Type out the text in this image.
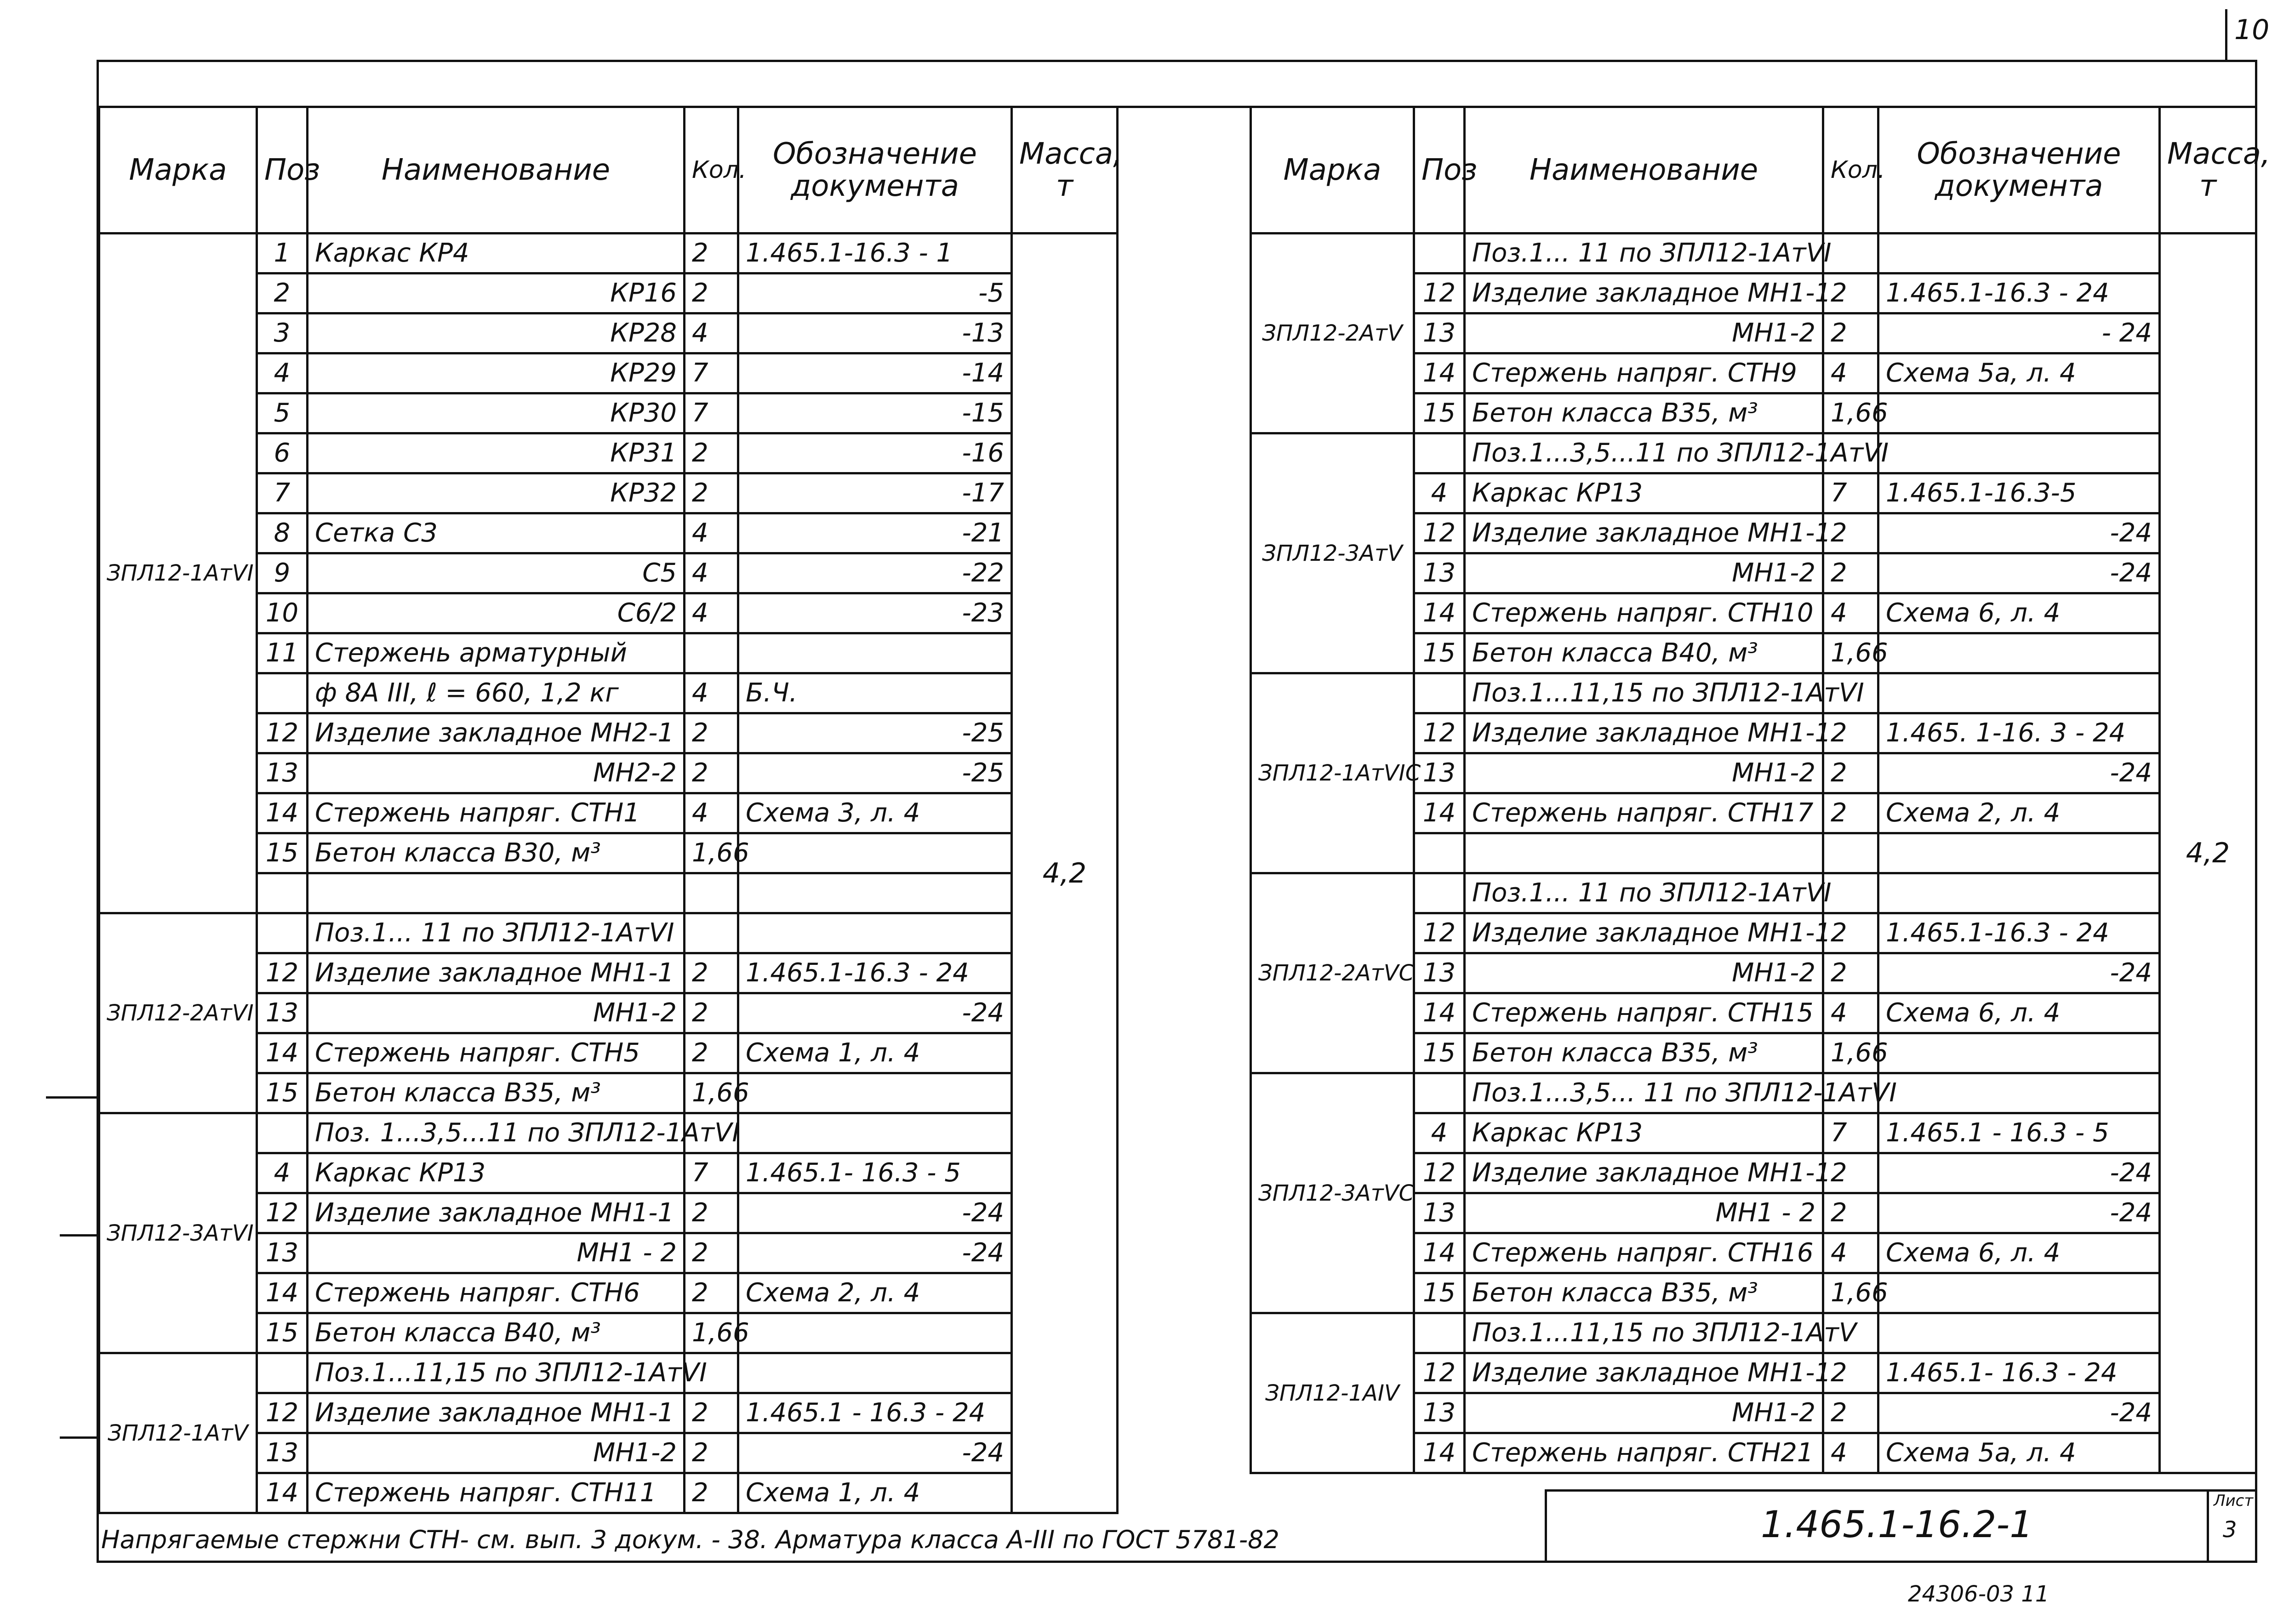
10
Марка	Поз	Наименование	Кол.	Обозначение документа	Масса, т
ЗПЛ12-1АтVI	1	Каркас КР4	2	1.465.1-16.3 - 1	4,2
	2	КР16	2	-5	
	3	КР28	4	-13	
	4	КР29	7	-14	
	5	КР30	7	-15	
	6	КР31	2	-16	
	7	КР32	2	-17	
	8	Сетка С3	4	-21	
	9	С5	4	-22	
	10	С6/2	4	-23	
	11	Стержень арматурный			
		ф 8А III, ℓ = 660, 1,2 кг	4	Б.Ч.	
	12	Изделие закладное МН2-1	2	-25	
	13	МН2-2	2	-25	
	14	Стержень напряг. СТН1	4	Схема 3, л. 4	
	15	Бетон класса В30, м³	1,66		

ЗПЛ12-2АтVI		Поз.1... 11 по ЗПЛ12-1АтVI			
	12	Изделие закладное МН1-1	2	1.465.1-16.3 - 24	
	13	МН1-2	2	-24	
	14	Стержень напряг. СТН5	2	Схема 1, л. 4	
	15	Бетон класса В35, м³	1,66		
ЗПЛ12-3АтVI		Поз. 1...3,5...11 по ЗПЛ12-1АтVI			
	4	Каркас КР13	7	1.465.1- 16.3 - 5	
	12	Изделие закладное МН1-1	2	-24	
	13	МН1 - 2	2	-24	
	14	Стержень напряг. СТН6	2	Схема 2, л. 4	
	15	Бетон класса В40, м³	1,66		
ЗПЛ12-1АтV		Поз.1...11,15 по ЗПЛ12-1АтVI			
	12	Изделие закладное МН1-1	2	1.465.1 - 16.3 - 24	
	13	МН1-2	2	-24	
	14	Стержень напряг. СТН11	2	Схема 1, л. 4	
Марка	Поз	Наименование	Кол.	Обозначение документа	Масса, т
ЗПЛ12-2АтV		Поз.1... 11 по ЗПЛ12-1АтVI			4,2
	12	Изделие закладное МН1-1	2	1.465.1-16.3 - 24	
	13	МН1-2	2	- 24	
	14	Стержень напряг. СТН9	4	Схема 5а, л. 4	
	15	Бетон класса В35, м³	1,66		
ЗПЛ12-3АтV		Поз.1...3,5...11 по ЗПЛ12-1АтVI			
	4	Каркас КР13	7	1.465.1-16.3-5	
	12	Изделие закладное МН1-1	2	-24	
	13	МН1-2	2	-24	
	14	Стержень напряг. СТН10	4	Схема 6, л. 4	
	15	Бетон класса В40, м³	1,66		
ЗПЛ12-1АтVIС		Поз.1...11,15 по ЗПЛ12-1АтVI			
	12	Изделие закладное МН1-1	2	1.465. 1-16. 3 - 24	
	13	МН1-2	2	-24	
	14	Стержень напряг. СТН17	2	Схема 2, л. 4	

ЗПЛ12-2АтVС		Поз.1... 11 по ЗПЛ12-1АтVI			
	12	Изделие закладное МН1-1	2	1.465.1-16.3 - 24	
	13	МН1-2	2	-24	
	14	Стержень напряг. СТН15	4	Схема 6, л. 4	
	15	Бетон класса В35, м³	1,66		
ЗПЛ12-3АтVС		Поз.1...3,5... 11 по ЗПЛ12-1АтVI			
	4	Каркас КР13	7	1.465.1 - 16.3 - 5	
	12	Изделие закладное МН1-1	2	-24	
	13	МН1 - 2	2	-24	
	14	Стержень напряг. СТН16	4	Схема 6, л. 4	
	15	Бетон класса В35, м³	1,66		
ЗПЛ12-1АIV		Поз.1...11,15 по ЗПЛ12-1АтV			
	12	Изделие закладное МН1-1	2	1.465.1- 16.3 - 24	
	13	МН1-2	2	-24	
	14	Стержень напряг. СТН21	4	Схема 5а, л. 4	
Напрягаемые стержни СТН- см. вып. 3 докум. - 38. Арматура класса А-III по ГОСТ 5781-82	1.465.1-16.2-1
Лист
3
24306-03 11
